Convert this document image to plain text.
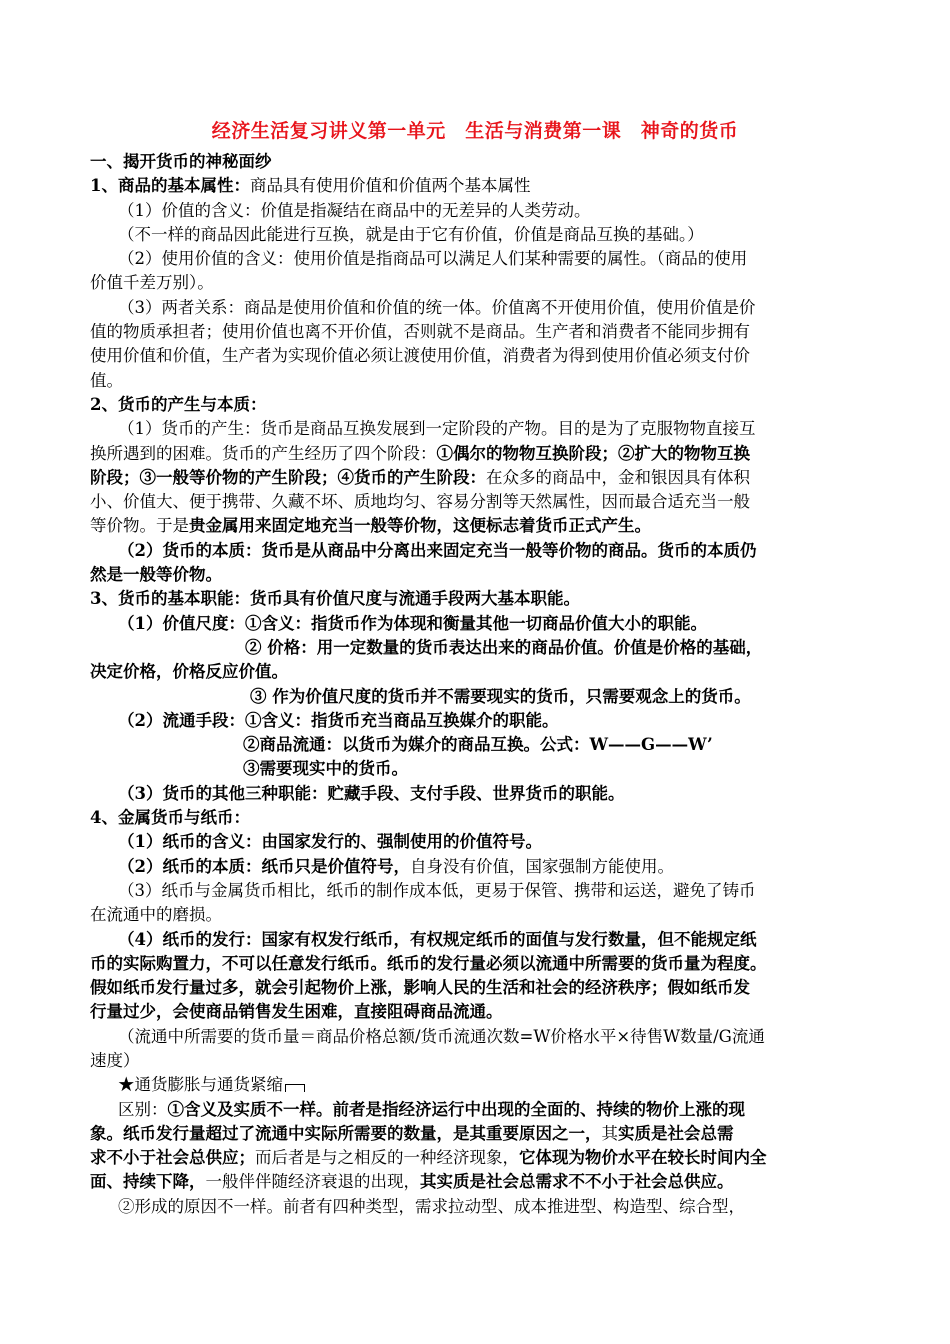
经济生活复习讲义第一单元　生活与消费第一课　神奇的货币
一、揭开货币的神秘面纱
1、商品的基本属性：商品具有使用价值和价值两个基本属性
（1）价值的含义：价值是指凝结在商品中的无差异的人类劳动。
（不一样的商品因此能进行互换，就是由于它有价值，价值是商品互换的基础。）
（2）使用价值的含义：使用价值是指商品可以满足人们某种需要的属性。（商品的使用
价值千差万别）。
（3）两者关系：商品是使用价值和价值的统一体。价值离不开使用价值，使用价值是价
值的物质承担者；使用价值也离不开价值，否则就不是商品。生产者和消费者不能同步拥有
使用价值和价值，生产者为实现价值必须让渡使用价值，消费者为得到使用价值必须支付价
值。
2、货币的产生与本质：
（1）货币的产生：货币是商品互换发展到一定阶段的产物。目的是为了克服物物直接互
换所遇到的困难。货币的产生经历了四个阶段：①偶尔的物物互换阶段；②扩大的物物互换
阶段；③一般等价物的产生阶段；④货币的产生阶段：在众多的商品中，金和银因具有体积
小、价值大、便于携带、久藏不坏、质地均匀、容易分割等天然属性，因而最合适充当一般
等价物。于是贵金属用来固定地充当一般等价物，这便标志着货币正式产生。
（2）货币的本质：货币是从商品中分离出来固定充当一般等价物的商品。货币的本质仍
然是一般等价物。
3、货币的基本职能：货币具有价值尺度与流通手段两大基本职能。
（1）价值尺度：①含义：指货币作为体现和衡量其他一切商品价值大小的职能。
② 价格：用一定数量的货币表达出来的商品价值。价值是价格的基础，
决定价格，价格反应价值。
③ 作为价值尺度的货币并不需要现实的货币，只需要观念上的货币。
（2）流通手段：①含义：指货币充当商品互换媒介的职能。
②商品流通：以货币为媒介的商品互换。公式：W——G——W’
③需要现实中的货币。
（3）货币的其他三种职能：贮藏手段、支付手段、世界货币的职能。
4、金属货币与纸币：
（1）纸币的含义：由国家发行的、强制使用的价值符号。
（2）纸币的本质：纸币只是价值符号，自身没有价值，国家强制方能使用。
（3）纸币与金属货币相比，纸币的制作成本低，更易于保管、携带和运送，避免了铸币
在流通中的磨损。
（4）纸币的发行：国家有权发行纸币，有权规定纸币的面值与发行数量，但不能规定纸
币的实际购置力，不可以任意发行纸币。纸币的发行量必须以流通中所需要的货币量为程度。
假如纸币发行量过多，就会引起物价上涨，影响人民的生活和社会的经济秩序；假如纸币发
行量过少，会使商品销售发生困难，直接阻碍商品流通。
（流通中所需要的货币量＝商品价格总额/货币流通次数=W价格水平×待售W数量/G流通
速度）
★通货膨胀与通货紧缩
区别：①含义及实质不一样。前者是指经济运行中出现的全面的、持续的物价上涨的现
象。纸币发行量超过了流通中实际所需要的数量，是其重要原因之一，其实质是社会总需
求不小于社会总供应；而后者是与之相反的一种经济现象，它体现为物价水平在较长时间内全
面、持续下降，一般伴伴随经济衰退的出现，其实质是社会总需求不不小于社会总供应。
②形成的原因不一样。前者有四种类型，需求拉动型、成本推进型、构造型、综合型，
